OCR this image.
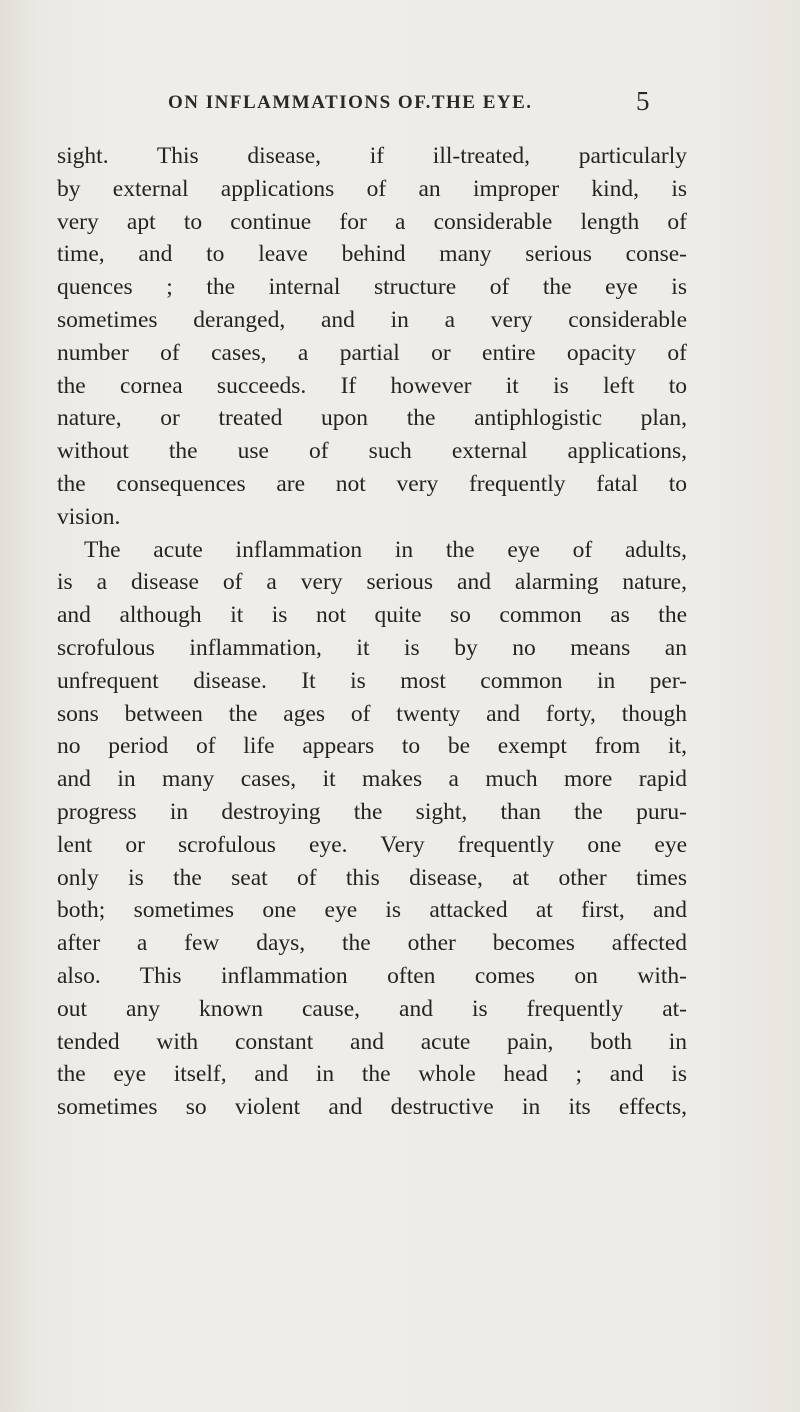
ON INFLAMMATIONS OF.THE EYE.	5
sight. This disease, if ill-treated, particularly
by external applications of an improper kind, is
very apt to continue for a considerable length of
time, and to leave behind many serious conse-
quences ; the internal structure of the eye is
sometimes deranged, and in a very considerable
number of cases, a partial or entire opacity of
the cornea succeeds. If however it is left to
nature, or treated upon the antiphlogistic plan,
without the use of such external applications,
the consequences are not very frequently fatal to
vision.
The acute inflammation in the eye of adults,
is a disease of a very serious and alarming nature,
and although it is not quite so common as the
scrofulous inflammation, it is by no means an
unfrequent disease. It is most common in per-
sons between the ages of twenty and forty, though
no period of life appears to be exempt from it,
and in many cases, it makes a much more rapid
progress in destroying the sight, than the puru-
lent or scrofulous eye. Very frequently one eye
only is the seat of this disease, at other times
both; sometimes one eye is attacked at first, and
after a few days, the other becomes affected
also. This inflammation often comes on with-
out any known cause, and is frequently at-
tended with constant and acute pain, both in
the eye itself, and in the whole head ; and is
sometimes so violent and destructive in its effects,
